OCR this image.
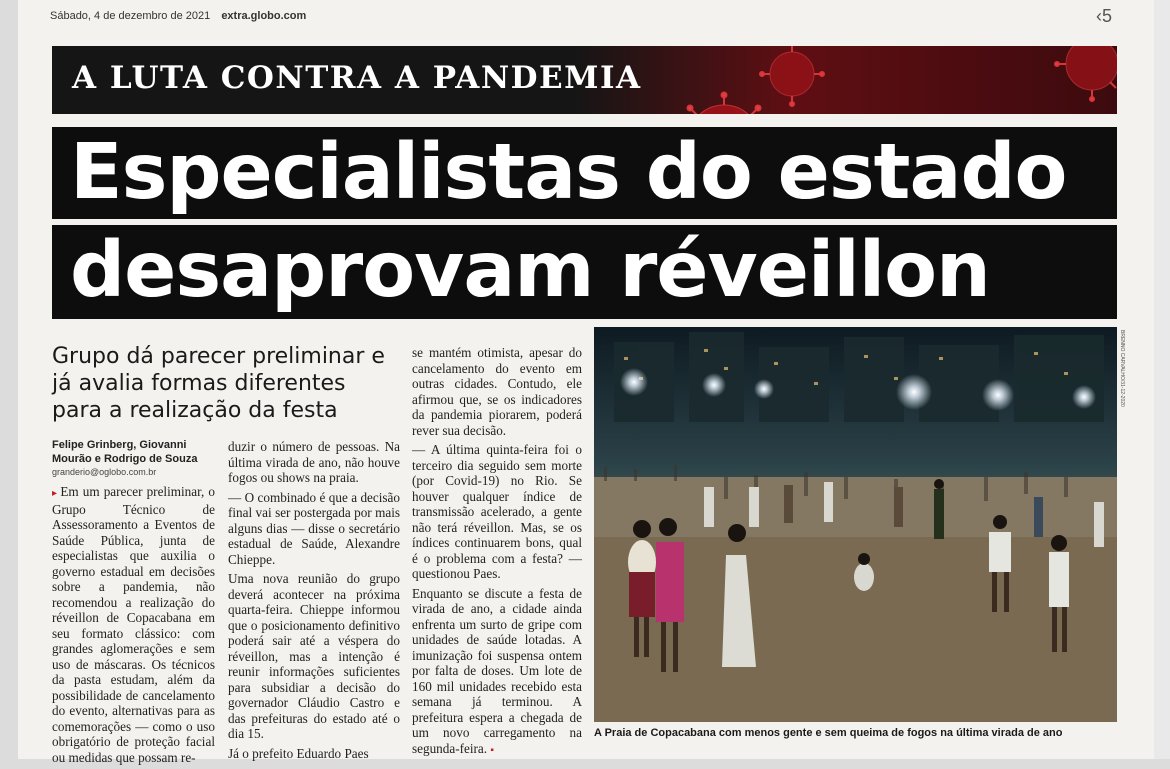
Sábado, 4 de dezembro de 2021 extra.globo.com	‹5
A LUTA CONTRA A PANDEMIA
Especialistas do estado
desaprovam réveillon
Grupo dá parecer preliminar e já avalia formas diferentes para a realização da festa
Felipe Grinberg, Giovanni Mourão e Rodrigo de Souza
granderio@oglobo.com.br

▸ Em um parecer preliminar, o Grupo Técnico de Assessoramento a Eventos de Saúde Pública, junta de especialistas que auxilia o governo estadual em decisões sobre a pandemia, não recomendou a realização do réveillon de Copacabana em seu formato clássico: com grandes aglomerações e sem uso de máscaras. Os técnicos da pasta estudam, além da possibilidade de cancelamento do evento, alternativas para as comemorações — como o uso obrigatório de proteção facial ou medidas que possam re-

duzir o número de pessoas. Na última virada de ano, não houve fogos ou shows na praia.

— O combinado é que a decisão final vai ser postergada por mais alguns dias — disse o secretário estadual de Saúde, Alexandre Chieppe.

Uma nova reunião do grupo deverá acontecer na próxima quarta-feira. Chieppe informou que o posicionamento definitivo poderá sair até a véspera do réveillon, mas a intenção é reunir informações suficientes para subsidiar a decisão do governador Cláudio Castro e das prefeituras do estado até o dia 15.

Já o prefeito Eduardo Paes

se mantém otimista, apesar do cancelamento do evento em outras cidades. Contudo, ele afirmou que, se os indicadores da pandemia piorarem, poderá rever sua decisão.

— A última quinta-feira foi o terceiro dia seguido sem morte (por Covid-19) no Rio. Se houver qualquer índice de transmissão acelerado, a gente não terá réveillon. Mas, se os índices continuarem bons, qual é o problema com a festa? — questionou Paes.

Enquanto se discute a festa de virada de ano, a cidade ainda enfrenta um surto de gripe com unidades de saúde lotadas. A imunização foi suspensa ontem por falta de doses. Um lote de 160 mil unidades recebido esta semana já terminou. A prefeitura espera a chegada de um novo carregamento na segunda-feira. ▪

BRENNO CARVALHO/31-12-2020
A Praia de Copacabana com menos gente e sem queima de fogos na última virada de ano
